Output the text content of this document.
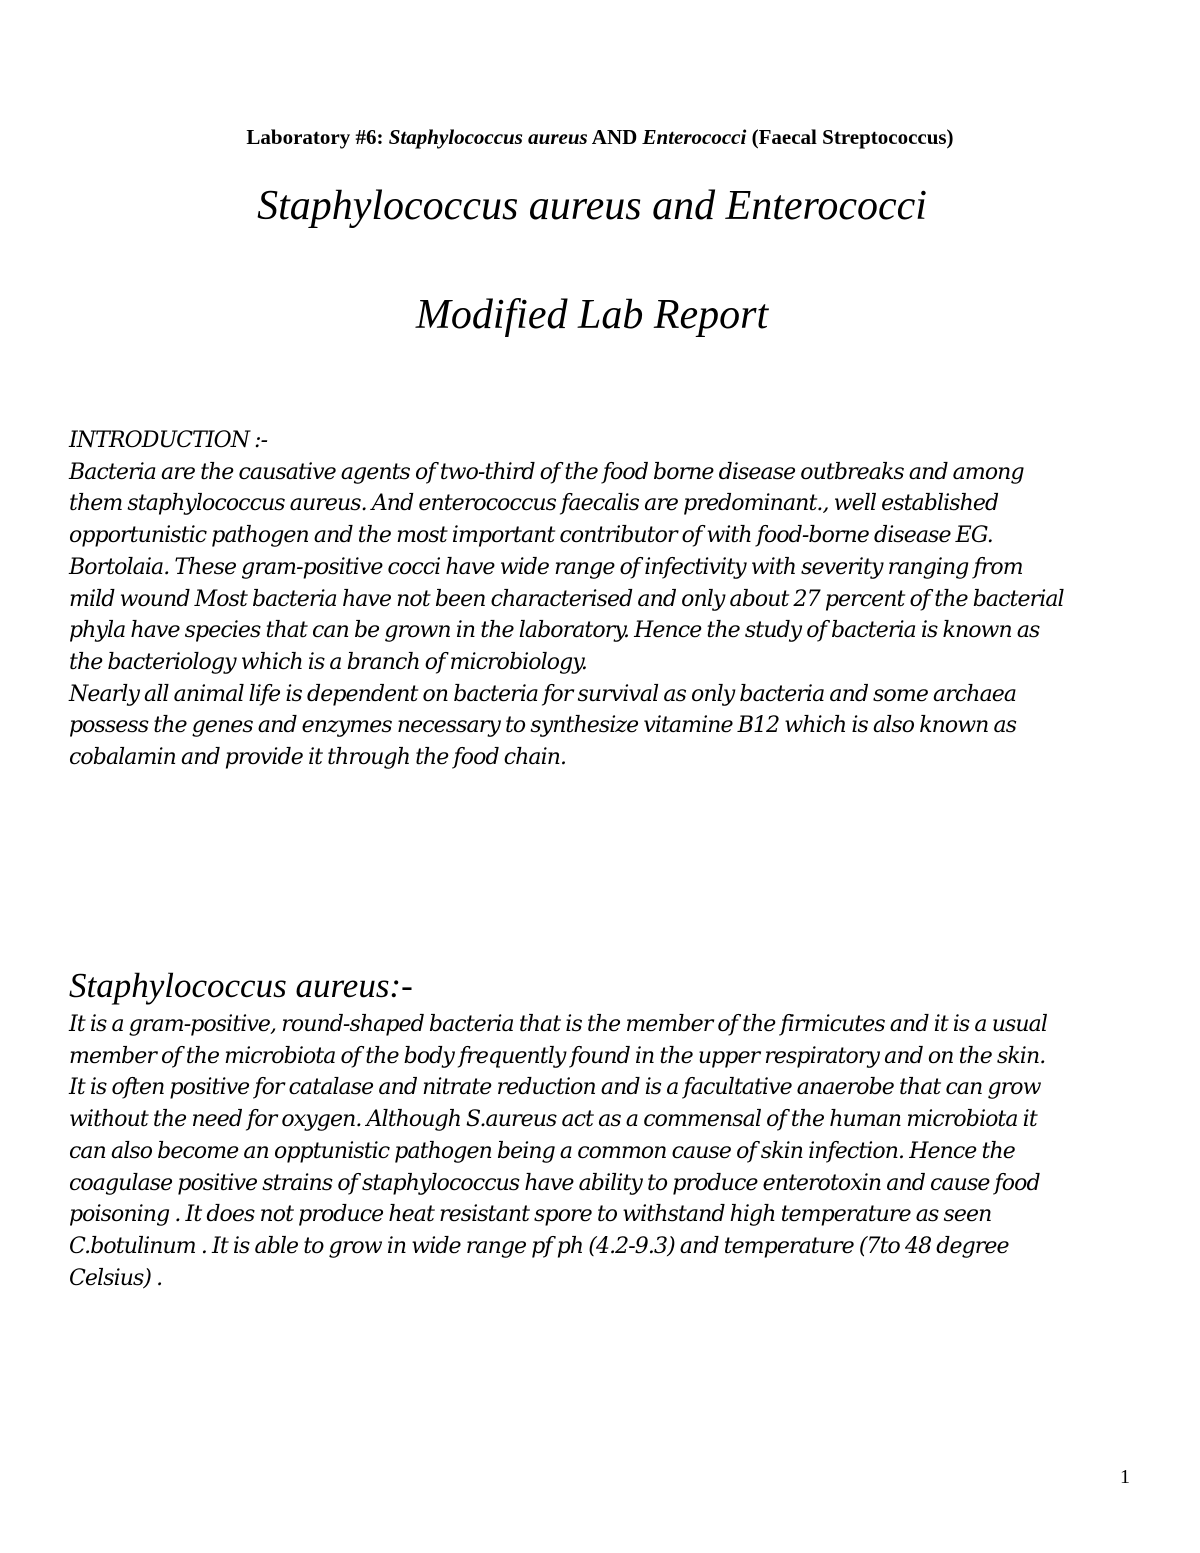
Laboratory #6: Staphylococcus aureus AND Enterococci (Faecal Streptococcus)
Staphylococcus aureus and Enterococci
Modified Lab Report
INTRODUCTION :-
Bacteria are the causative agents of two-third of the food borne disease outbreaks and among
them staphylococcus aureus. And enterococcus faecalis are predominant., well established
opportunistic pathogen and the most important contributor of with food-borne disease EG.
Bortolaia. These gram-positive cocci have wide range of infectivity with severity ranging from
mild wound Most bacteria have not been characterised and only about 27 percent of the bacterial
phyla have species that can be grown in the laboratory. Hence the study of bacteria is known as
the bacteriology which is a branch of microbiology.
Nearly all animal life is dependent on bacteria for survival as only bacteria and some archaea
possess the genes and enzymes necessary to synthesize vitamine B12 which is also known as
cobalamin and provide it through the food chain.
Staphylococcus aureus:-
It is a gram-positive, round-shaped bacteria that is the member of the firmicutes and it is a usual
member of the microbiota of the body frequently found in the upper respiratory and on the skin.
It is often positive for catalase and nitrate reduction and is a facultative anaerobe that can grow
without the need for oxygen. Although S.aureus act as a commensal of the human microbiota it
can also become an opptunistic pathogen being a common cause of skin infection. Hence the
coagulase positive strains of staphylococcus have ability to produce enterotoxin and cause food
poisoning . It does not produce heat resistant spore to withstand high temperature as seen
C.botulinum . It is able to grow in wide range pf ph (4.2-9.3) and temperature (7to 48 degree
Celsius) .
1
